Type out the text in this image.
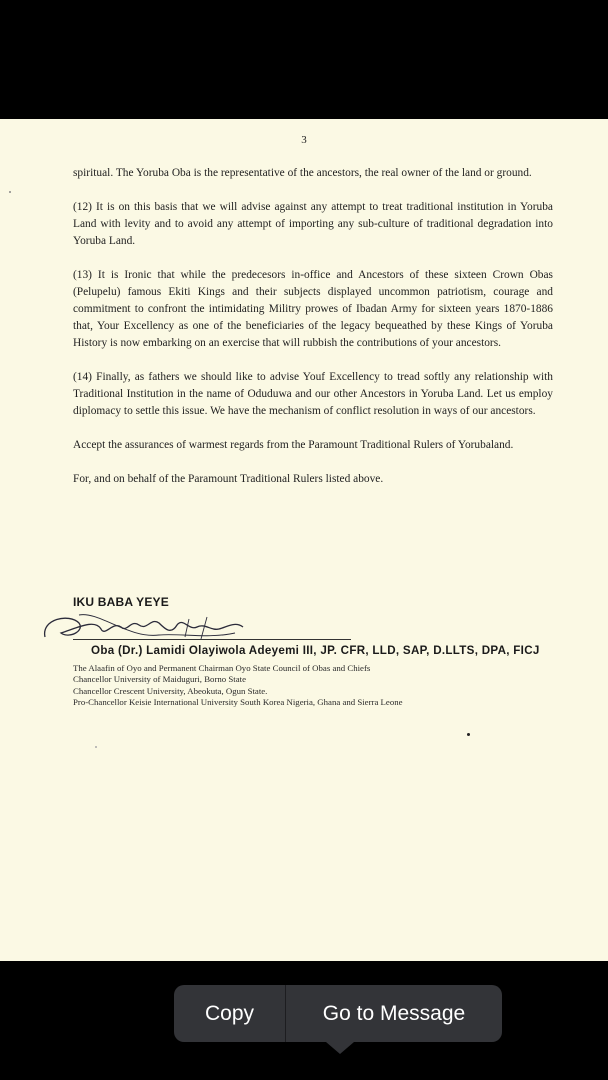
3

spiritual. The Yoruba Oba is the representative of the ancestors, the real owner of the land or ground.

(12) It is on this basis that we will advise against any attempt to treat traditional institution in Yoruba Land with levity and to avoid any attempt of importing any sub-culture of traditional degradation into Yoruba Land.

(13) It is Ironic that while the predecesors in-office and Ancestors of these sixteen Crown Obas (Pelupelu) famous Ekiti Kings and their subjects displayed uncommon patriotism, courage and commitment to confront the intimidating Militry prowes of Ibadan Army for sixteen years 1870-1886 that, Your Excellency as one of the beneficiaries of the legacy bequeathed by these Kings of Yoruba History is now embarking on an exercise that will rubbish the contributions of your ancestors.

(14) Finally, as fathers we should like to advise Youf Excellency to tread softly any relationship with Traditional Institution in the name of Oduduwa and our other Ancestors in Yoruba Land. Let us employ diplomacy to settle this issue. We have the mechanism of conflict resolution in ways of our ancestors.

Accept the assurances of warmest regards from the Paramount Traditional Rulers of Yorubaland.

For, and on behalf of the Paramount Traditional Rulers listed above.

IKU BABA YEYE
Oba (Dr.) Lamidi Olayiwola Adeyemi III, JP. CFR, LLD, SAP, D.LLTS, DPA, FICJ
The Alaafin of Oyo and Permanent Chairman Oyo State Council of Obas and Chiefs
Chancellor University of Maiduguri, Borno State
Chancellor Crescent University, Abeokuta, Ogun State.
Pro-Chancellor Keisie International University South Korea Nigeria, Ghana and Sierra Leone
Copy	Go to Message
